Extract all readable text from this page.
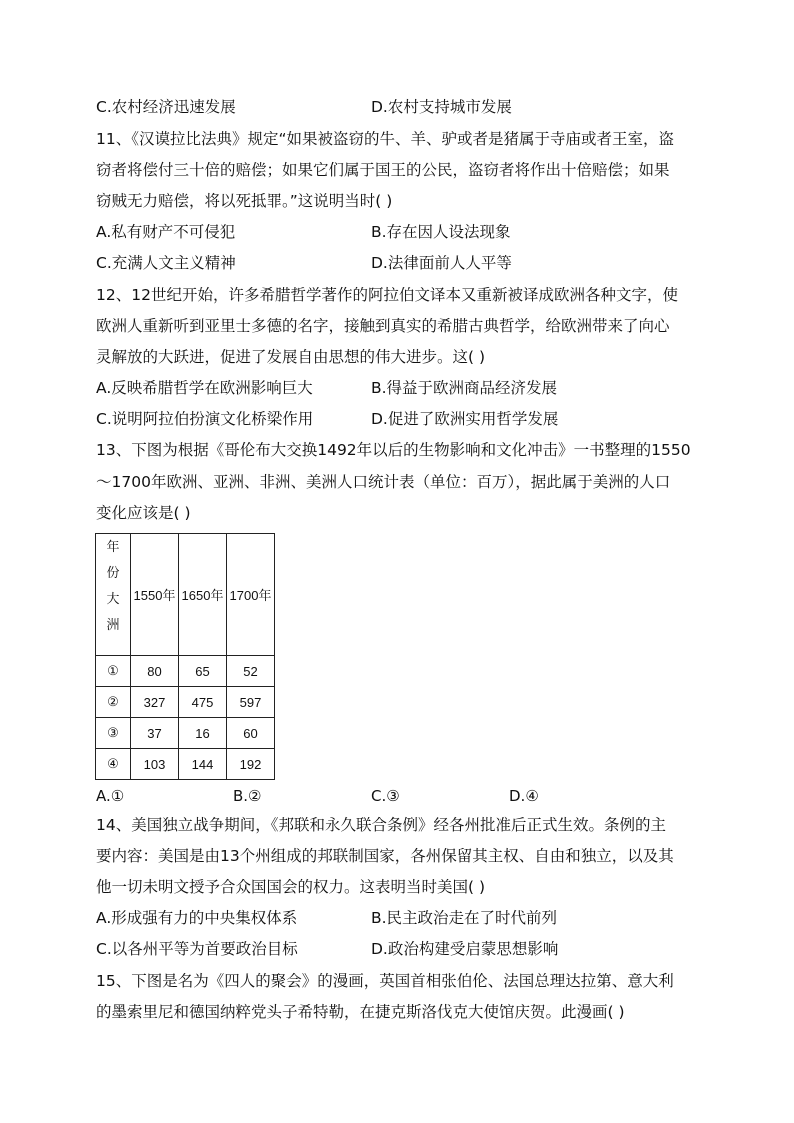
C.农村经济迅速发展	D.农村支持城市发展
11、《汉谟拉比法典》规定“如果被盗窃的牛、羊、驴或者是猪属于寺庙或者王室，盗
窃者将偿付三十倍的赔偿；如果它们属于国王的公民，盗窃者将作出十倍赔偿；如果
窃贼无力赔偿，将以死抵罪。”这说明当时( )
A.私有财产不可侵犯	B.存在因人设法现象
C.充满人文主义精神	D.法律面前人人平等
12、12世纪开始，许多希腊哲学著作的阿拉伯文译本又重新被译成欧洲各种文字，使
欧洲人重新听到亚里士多德的名字，接触到真实的希腊古典哲学，给欧洲带来了向心
灵解放的大跃进，促进了发展自由思想的伟大进步。这( )
A.反映希腊哲学在欧洲影响巨大	B.得益于欧洲商品经济发展
C.说明阿拉伯扮演文化桥梁作用	D.促进了欧洲实用哲学发展
13、下图为根据《哥伦布大交换1492年以后的生物影响和文化冲击》一书整理的1550
～1700年欧洲、亚洲、非洲、美洲人口统计表（单位：百万），据此属于美洲的人口
变化应该是( )
年
份
大
洲	1550年	1650年	1700年
①	80	65	52
②	327	475	597
③	37	16	60
④	103	144	192
A.①	B.②	C.③	D.④
14、美国独立战争期间，《邦联和永久联合条例》经各州批准后正式生效。条例的主
要内容：美国是由13个州组成的邦联制国家，各州保留其主权、自由和独立，以及其
他一切未明文授予合众国国会的权力。这表明当时美国( )
A.形成强有力的中央集权体系	B.民主政治走在了时代前列
C.以各州平等为首要政治目标	D.政治构建受启蒙思想影响
15、下图是名为《四人的聚会》的漫画，英国首相张伯伦、法国总理达拉第、意大利
的墨索里尼和德国纳粹党头子希特勒，在捷克斯洛伐克大使馆庆贺。此漫画( )
